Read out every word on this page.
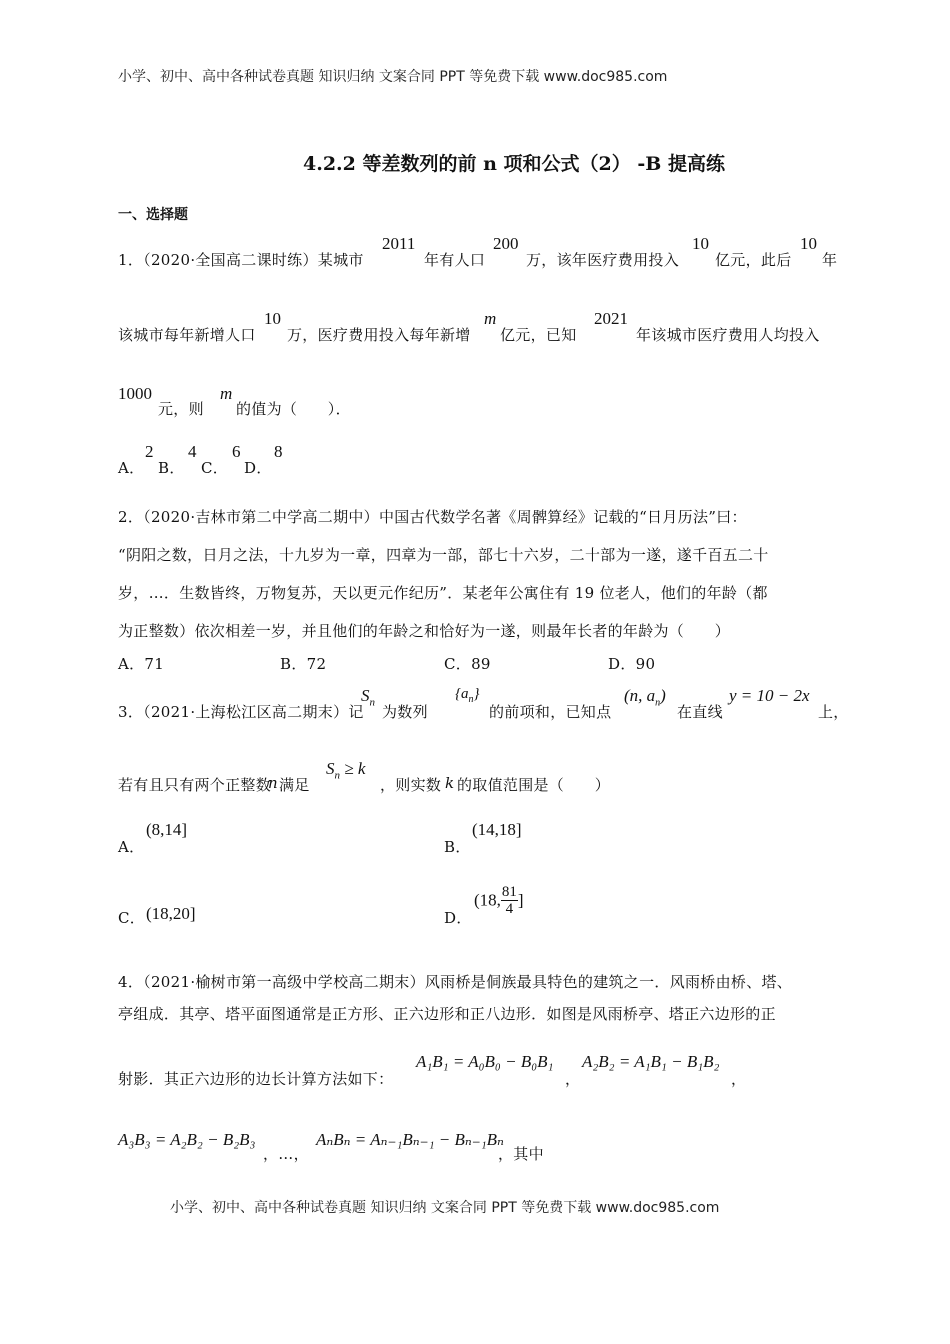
小学、初中、高中各种试卷真题 知识归纳 文案合同 PPT 等免费下载 www.doc985.com
4.2.2 等差数列的前 n 项和公式（2） -B 提高练
一、选择题
1．（2020·全国高二课时练）某城市
2011
年有人口
200
万，该年医疗费用投入
10
亿元，此后
10
年
该城市每年新增人口
10
万，医疗费用投入每年新增
m
亿元，已知
2021
年该城市医疗费用人均投入
1000
元，则
m
的值为（　　）．
A．
2
B．
4
C．
6
D．
8
2．（2020·吉林市第二中学高二期中）中国古代数学名著《周髀算经》记载的“日月历法”曰：
“阴阳之数，日月之法，十九岁为一章，四章为一部，部七十六岁，二十部为一遂，遂千百五二十
岁，…．生数皆终，万物复苏，天以更元作纪历”．某老年公寓住有 19 位老人，他们的年龄（都
为正整数）依次相差一岁，并且他们的年龄之和恰好为一遂，则最年长者的年龄为（　　）
A．71	B．72	C．89	D．90
3．（2021·上海松江区高二期末）记
$S_n$
为数列
$\{a_n\}$
的前项和，已知点
(n, $a_n$)
在直线
y = 10 − 2x
上，
若有且只有两个正整数
n 满足
$S_n \ge k$
，则实数 k 的取值范围是（　　）
A．
(8,14]
B．
(14,18]
C． (18,20]	D．
(18, $\frac{81}{4}$ ]
4．（2021·榆树市第一高级中学校高二期末）风雨桥是侗族最具特色的建筑之一．风雨桥由桥、塔、
亭组成．其亭、塔平面图通常是正方形、正六边形和正八边形．如图是风雨桥亭、塔正六边形的正
射影．其正六边形的边长计算方法如下：
A₁B₁ = A₀B₀ − B₀B₁
，
A₂B₂ = A₁B₁ − B₁B₂
，
A₃B₃ = A₂B₂ − B₂B₃
，…，
AₙBₙ = Aₙ₋₁Bₙ₋₁ − Bₙ₋₁Bₙ
，其中
小学、初中、高中各种试卷真题 知识归纳 文案合同 PPT 等免费下载 www.doc985.com
